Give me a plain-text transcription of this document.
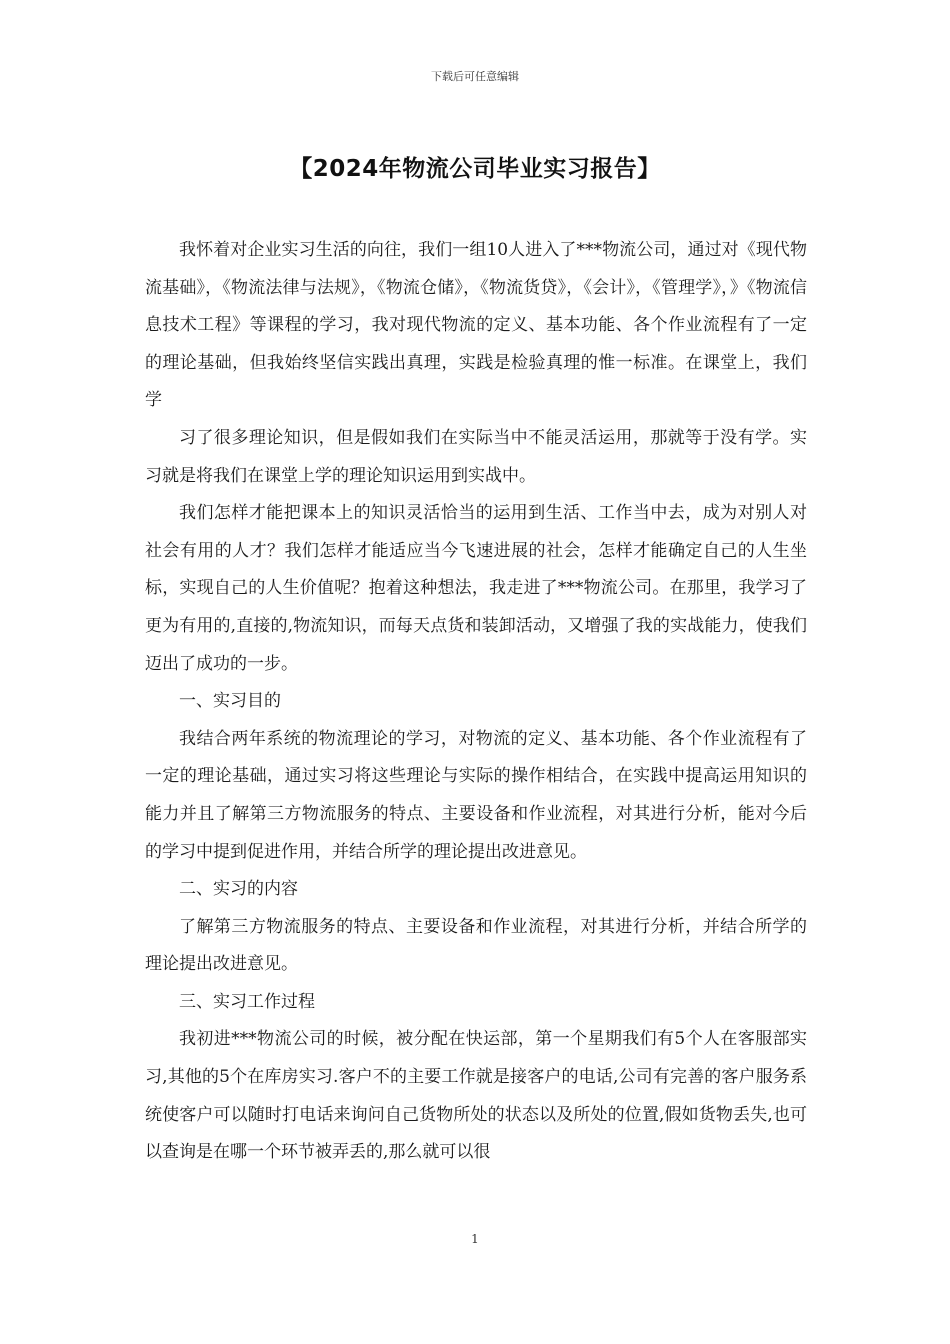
下载后可任意编辑
【2024年物流公司毕业实习报告】

我怀着对企业实习生活的向往，我们一组10人进入了***物流公司，通过对《现代物流基础》，《物流法律与法规》，《物流仓储》，《物流货贷》，《会计》，《管理学》，》《物流信息技术工程》等课程的学习，我对现代物流的定义、基本功能、各个作业流程有了一定的理论基础，但我始终坚信实践出真理，实践是检验真理的惟一标准。在课堂上，我们学

习了很多理论知识，但是假如我们在实际当中不能灵活运用，那就等于没有学。实习就是将我们在课堂上学的理论知识运用到实战中。

我们怎样才能把课本上的知识灵活恰当的运用到生活、工作当中去，成为对别人对社会有用的人才？我们怎样才能适应当今飞速进展的社会，怎样才能确定自己的人生坐标，实现自己的人生价值呢？抱着这种想法，我走进了***物流公司。在那里，我学习了更为有用的,直接的,物流知识，而每天点货和装卸活动，又增强了我的实战能力，使我们迈出了成功的一步。

一、实习目的

我结合两年系统的物流理论的学习，对物流的定义、基本功能、各个作业流程有了一定的理论基础，通过实习将这些理论与实际的操作相结合，在实践中提高运用知识的能力并且了解第三方物流服务的特点、主要设备和作业流程，对其进行分析，能对今后的学习中提到促进作用，并结合所学的理论提出改进意见。

二、实习的内容

了解第三方物流服务的特点、主要设备和作业流程，对其进行分析，并结合所学的理论提出改进意见。

三、实习工作过程

我初进***物流公司的时候，被分配在快运部，第一个星期我们有5个人在客服部实习,其他的5个在库房实习.客户不的主要工作就是接客户的电话,公司有完善的客户服务系统使客户可以随时打电话来询问自己货物所处的状态以及所处的位置,假如货物丢失,也可以查询是在哪一个环节被弄丢的,那么就可以很

1
